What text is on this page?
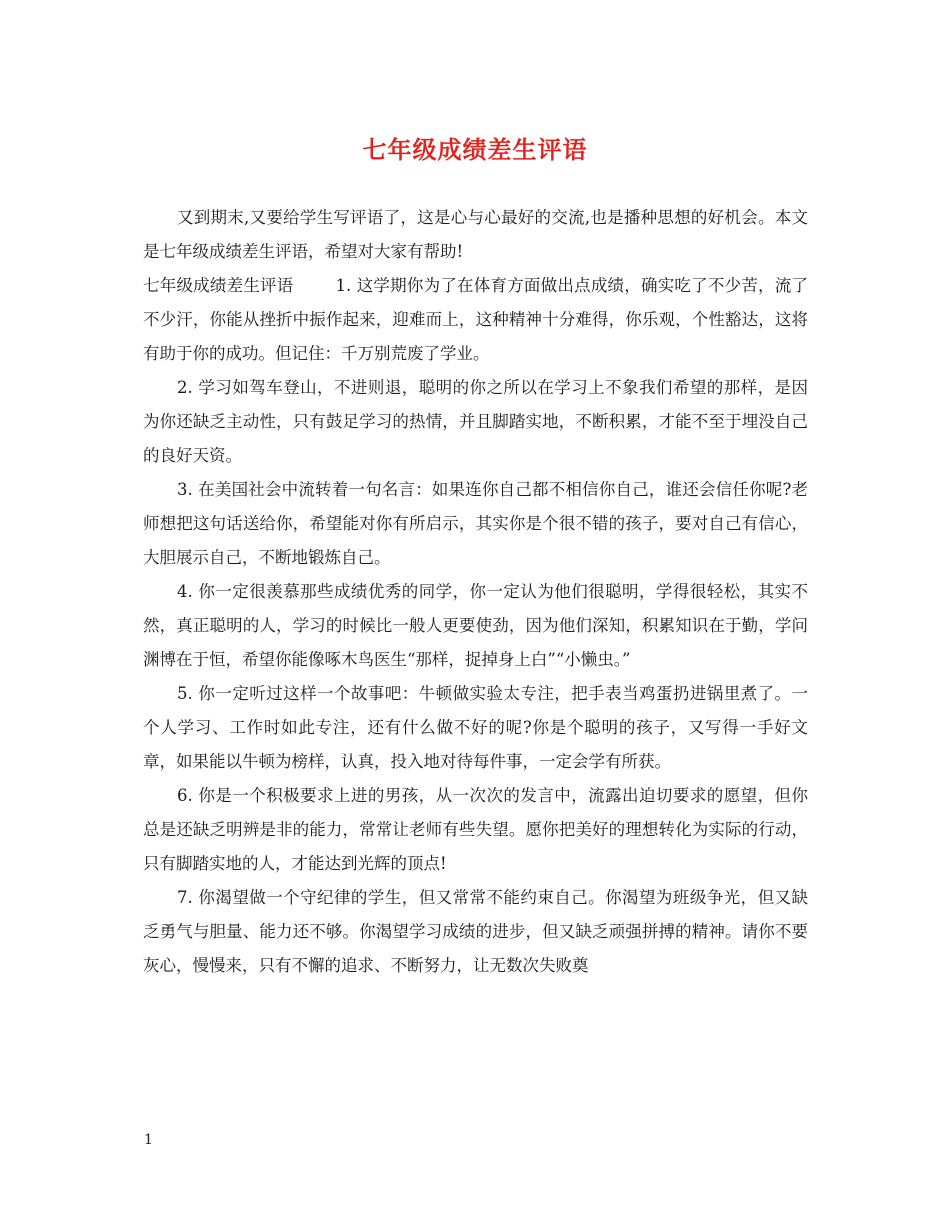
七年级成绩差生评语

又到期末,又要给学生写评语了，这是心与心最好的交流,也是播种思想的好机会。本文是七年级成绩差生评语，希望对大家有帮助!

七年级成绩差生评语	1. 这学期你为了在体育方面做出点成绩，确实吃了不少苦，流了不少汗，你能从挫折中振作起来，迎难而上，这种精神十分难得，你乐观，个性豁达，这将有助于你的成功。但记住：千万别荒废了学业。

2. 学习如驾车登山，不进则退，聪明的你之所以在学习上不象我们希望的那样，是因为你还缺乏主动性，只有鼓足学习的热情，并且脚踏实地，不断积累，才能不至于埋没自己的良好天资。

3. 在美国社会中流转着一句名言：如果连你自己都不相信你自己，谁还会信任你呢?老师想把这句话送给你，希望能对你有所启示，其实你是个很不错的孩子，要对自己有信心，大胆展示自己，不断地锻炼自己。

4. 你一定很羡慕那些成绩优秀的同学，你一定认为他们很聪明，学得很轻松，其实不然，真正聪明的人，学习的时候比一般人更要使劲，因为他们深知，积累知识在于勤，学问渊博在于恒，希望你能像啄木鸟医生“那样，捉掉身上白”“小懒虫。”

5. 你一定听过这样一个故事吧：牛顿做实验太专注，把手表当鸡蛋扔进锅里煮了。一个人学习、工作时如此专注，还有什么做不好的呢?你是个聪明的孩子，又写得一手好文章，如果能以牛顿为榜样，认真，投入地对待每件事，一定会学有所获。

6. 你是一个积极要求上进的男孩，从一次次的发言中，流露出迫切要求的愿望，但你总是还缺乏明辨是非的能力，常常让老师有些失望。愿你把美好的理想转化为实际的行动，只有脚踏实地的人，才能达到光辉的顶点!

7. 你渴望做一个守纪律的学生，但又常常不能约束自己。你渴望为班级争光，但又缺乏勇气与胆量、能力还不够。你渴望学习成绩的进步，但又缺乏顽强拼搏的精神。请你不要灰心，慢慢来，只有不懈的追求、不断努力，让无数次失败奠

1
